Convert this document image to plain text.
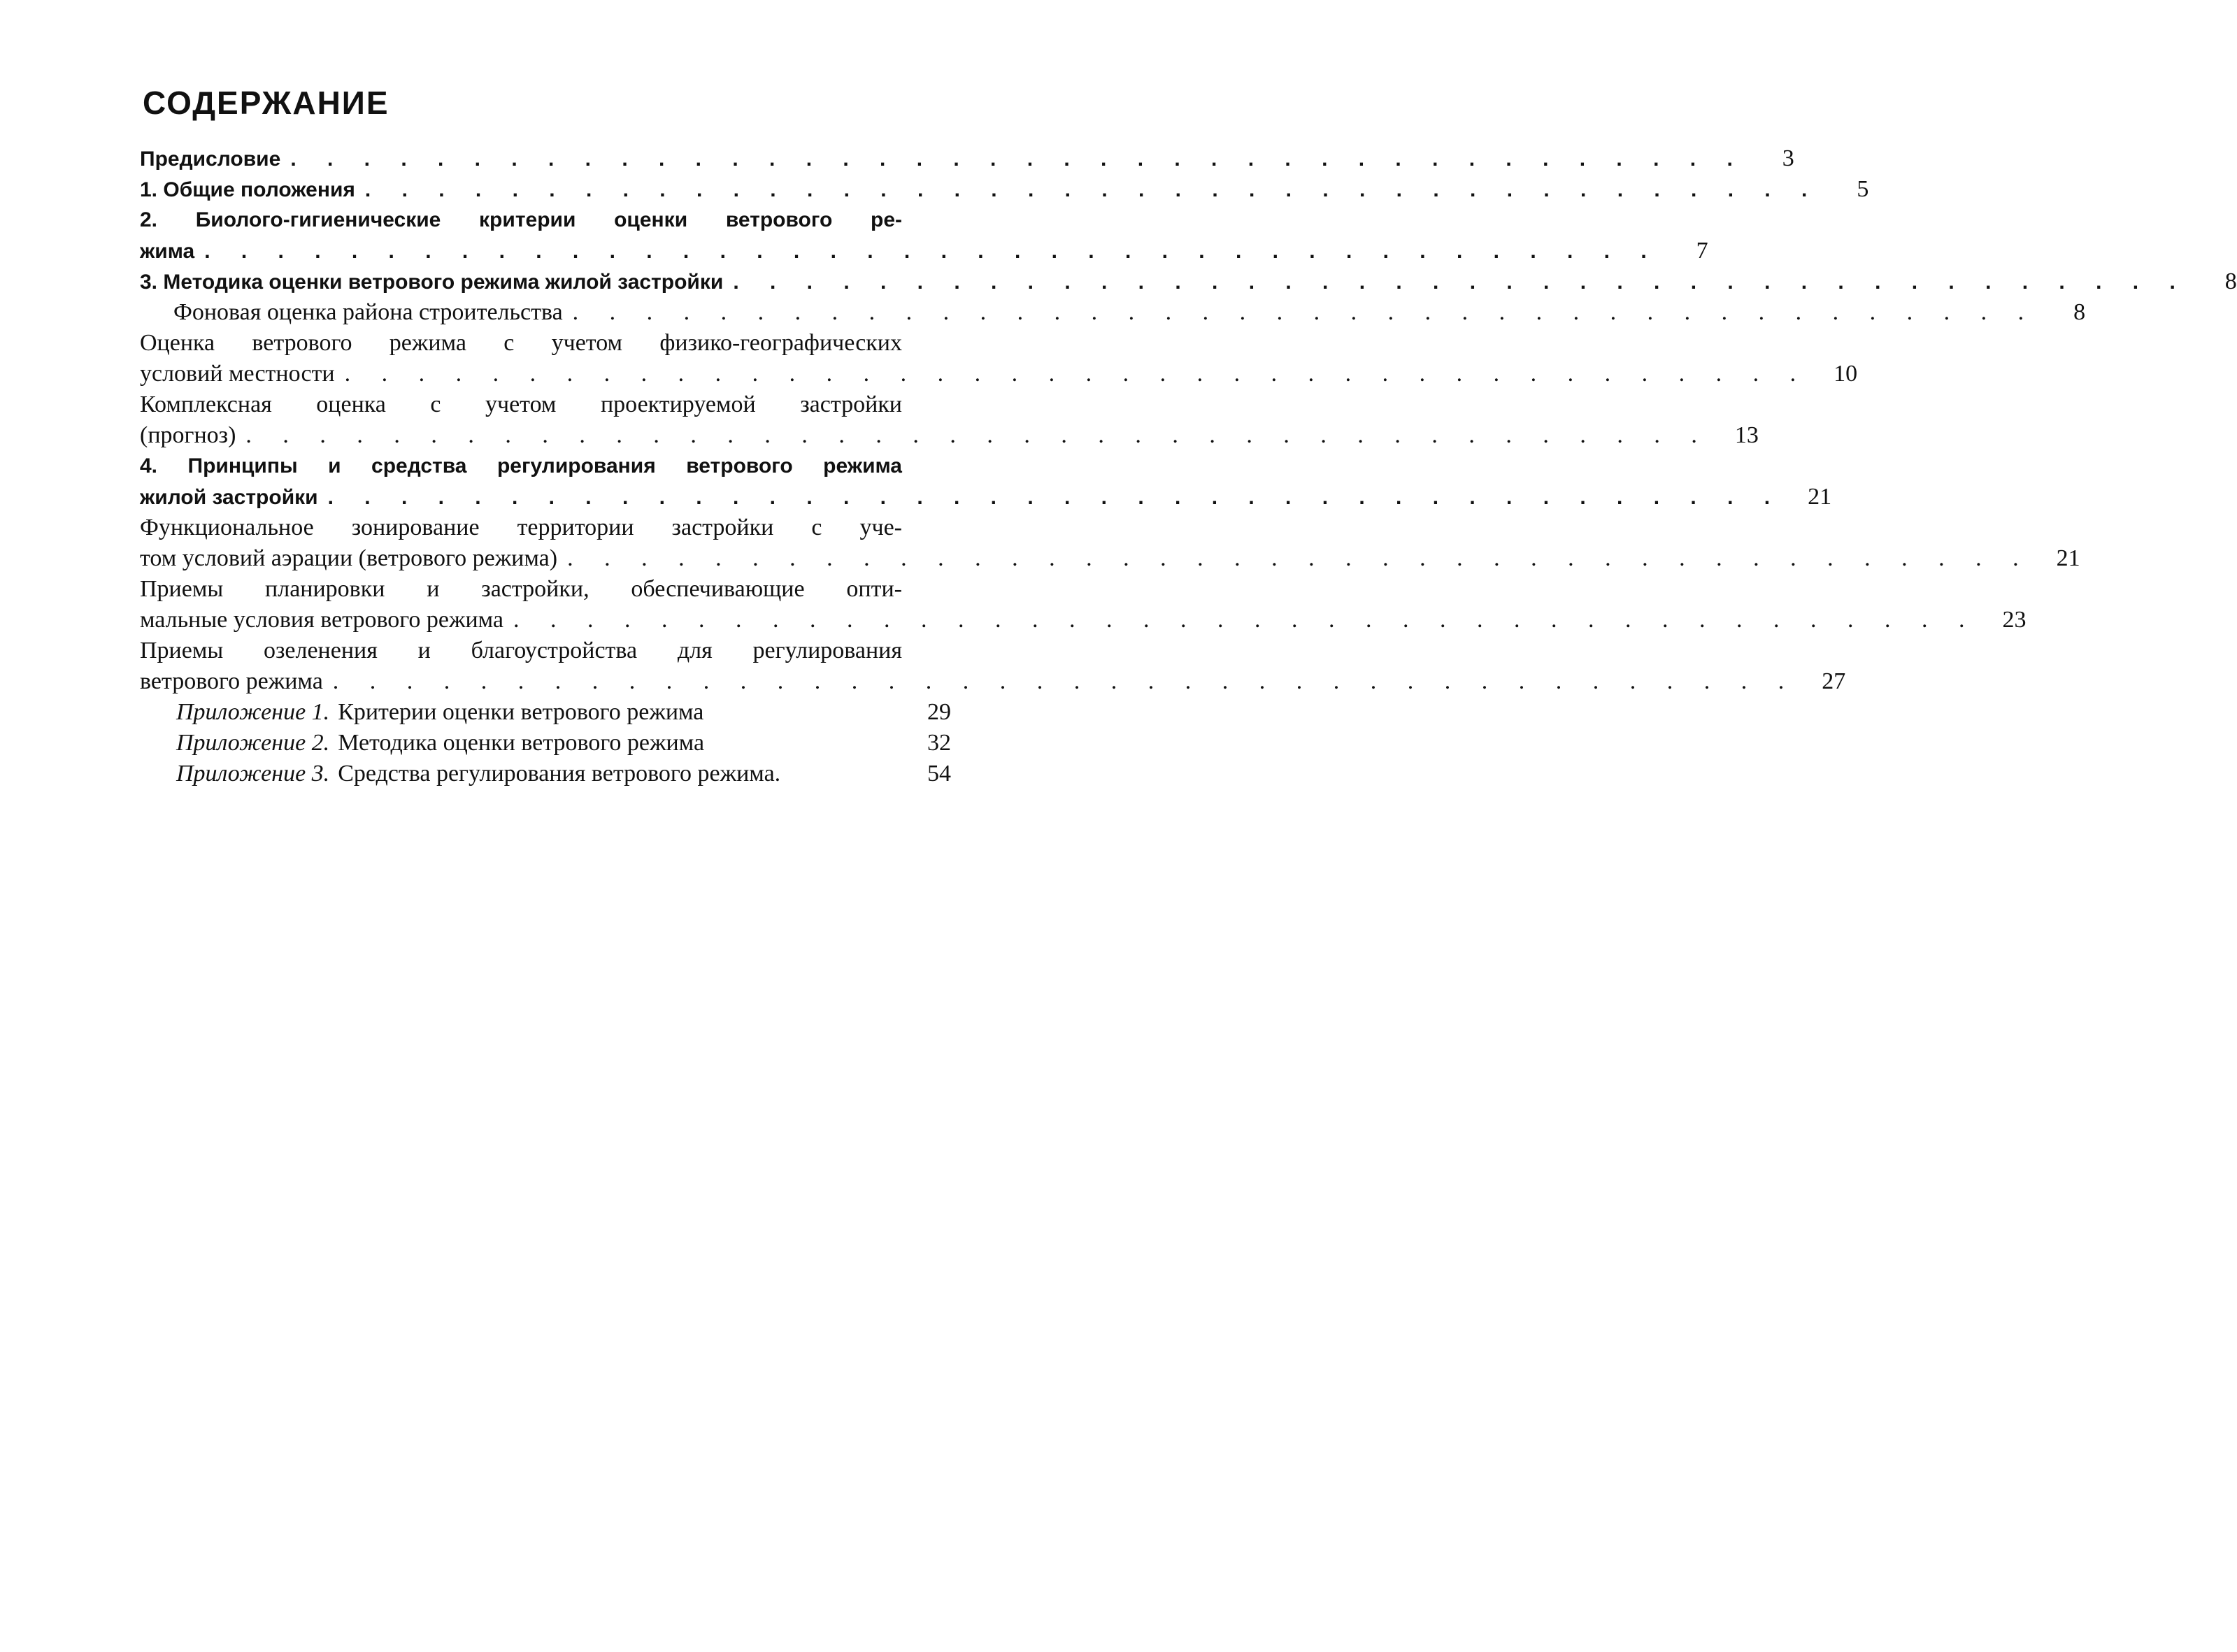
СОДЕРЖАНИЕ
Предисловие . . . . . . . . . . . . . . . . . . . . . . . . . . . . . . . . . . . . . . . .	3
1. Общие положения . . . . . . . . . . . . . . . . . . . . . . . . . . . . . . . . . . . . . . . .	5
2. Биолого-гигиенические критерии оценки ветрового ре-
жима . . . . . . . . . . . . . . . . . . . . . . . . . . . . . . . . . . . . . . . .	7
3. Методика оценки ветрового режима жилой застройки . . . . . . . . . . . . . . . . . . . . . . . . . . . . . . . . . . . . . . . .	8
Фоновая оценка района строительства . . . . . . . . . . . . . . . . . . . . . . . . . . . . . . . . . . . . . . . .	8
Оценка ветрового режима с учетом физико-географических
условий местности . . . . . . . . . . . . . . . . . . . . . . . . . . . . . . . . . . . . . . . .	10
Комплексная оценка с учетом проектируемой застройки
(прогноз) . . . . . . . . . . . . . . . . . . . . . . . . . . . . . . . . . . . . . . . .	13
4. Принципы и средства регулирования ветрового режима
жилой застройки . . . . . . . . . . . . . . . . . . . . . . . . . . . . . . . . . . . . . . . .	21
Функциональное зонирование территории застройки с уче-
том условий аэрации (ветрового режима) . . . . . . . . . . . . . . . . . . . . . . . . . . . . . . . . . . . . . . . .	21
Приемы планировки и застройки, обеспечивающие опти-
мальные условия ветрового режима . . . . . . . . . . . . . . . . . . . . . . . . . . . . . . . . . . . . . . . .	23
Приемы озеленения и благоустройства для регулирования
ветрового режима . . . . . . . . . . . . . . . . . . . . . . . . . . . . . . . . . . . . . . . .	27
Приложение 1. Критерии оценки ветрового режима	29
Приложение 2. Методика оценки ветрового режима	32
Приложение 3. Средства регулирования ветрового режима.	54
